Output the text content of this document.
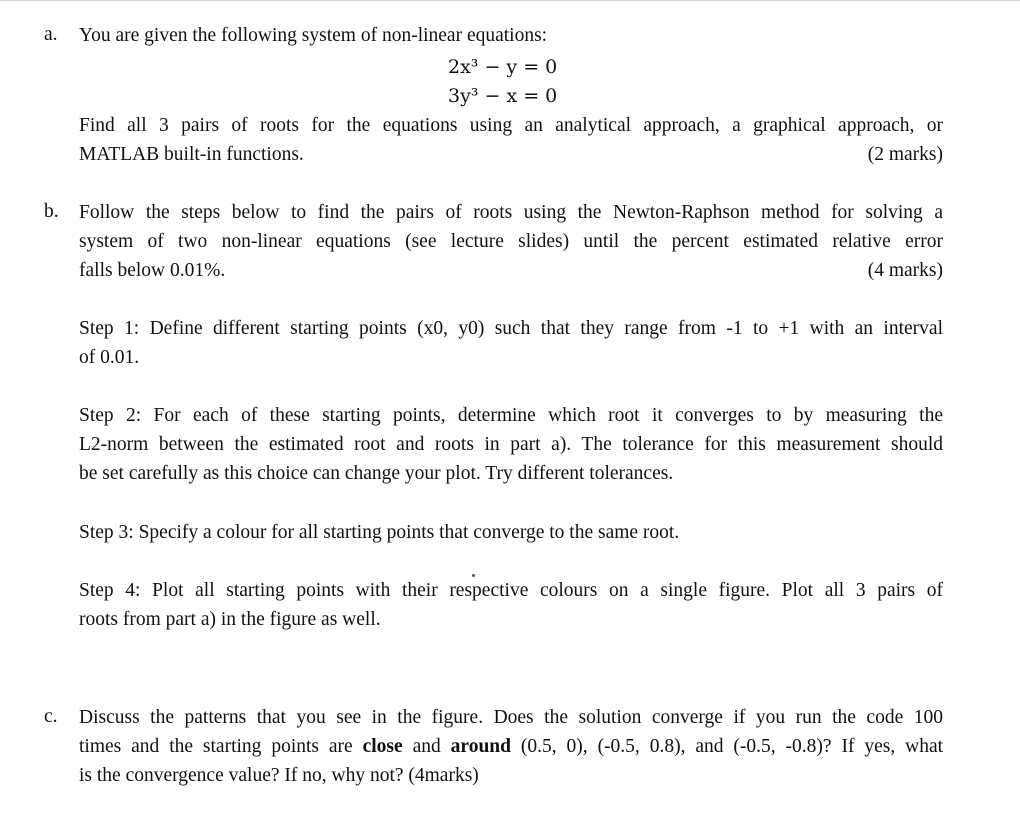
a. You are given the following system of non-linear equations:
2x³ − y = 0
3y³ − x = 0
Find all 3 pairs of roots for the equations using an analytical approach, a graphical approach, or
MATLAB built-in functions.	(2 marks)
b. Follow the steps below to find the pairs of roots using the Newton-Raphson method for solving a
system of two non-linear equations (see lecture slides) until the percent estimated relative error
falls below 0.01%.	(4 marks)
Step 1: Define different starting points (x0, y0) such that they range from -1 to +1 with an interval
of 0.01.
Step 2: For each of these starting points, determine which root it converges to by measuring the
L2-norm between the estimated root and roots in part a). The tolerance for this measurement should
be set carefully as this choice can change your plot. Try different tolerances.
Step 3: Specify a colour for all starting points that converge to the same root.
Step 4: Plot all starting points with their respective colours on a single figure. Plot all 3 pairs of
roots from part a) in the figure as well.
c. Discuss the patterns that you see in the figure. Does the solution converge if you run the code 100
times and the starting points are close and around (0.5, 0), (-0.5, 0.8), and (-0.5, -0.8)? If yes, what
is the convergence value? If no, why not? (4marks)
